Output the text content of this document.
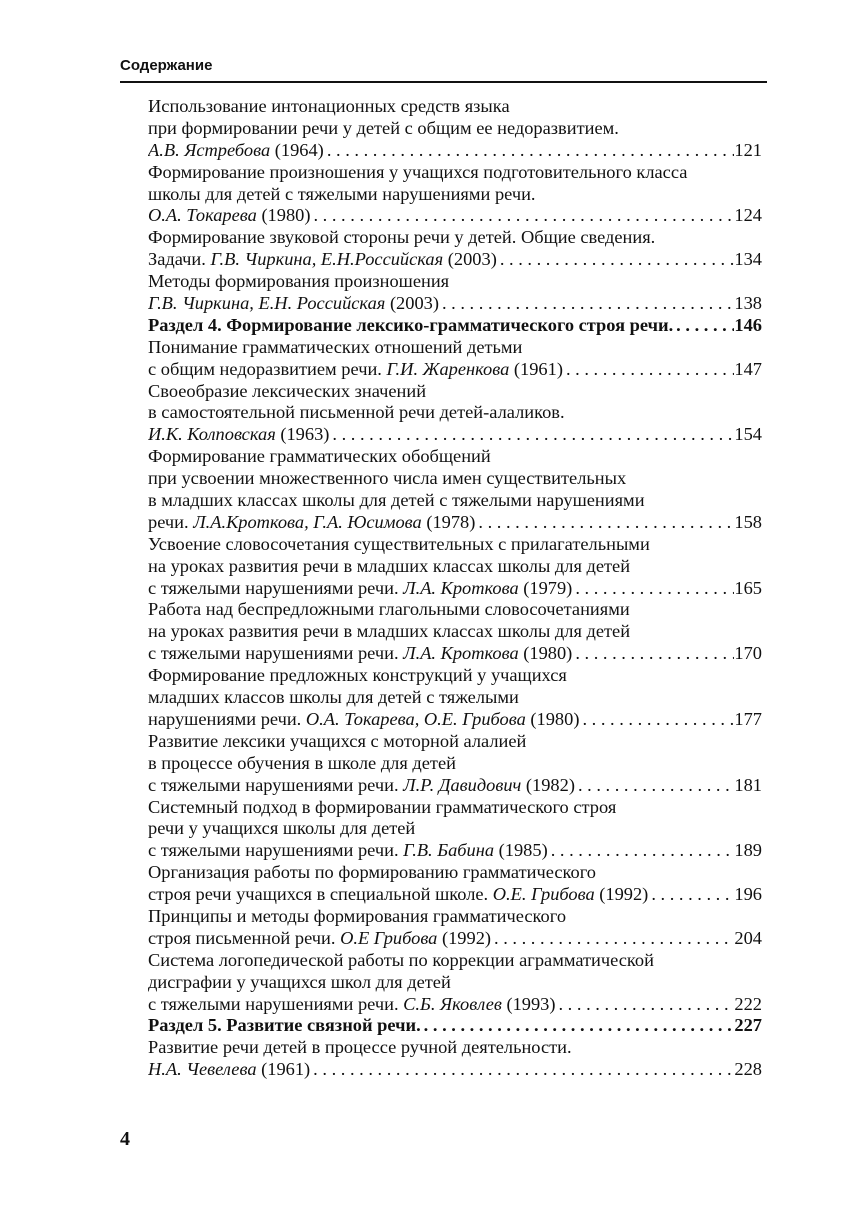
Содержание
Использование интонационных средств языка
при формировании речи у детей с общим ее недоразвитием.
А.В. Ястребова (1964) . . .	121
Формирование произношения у учащихся подготовительного класса
школы для детей с тяжелыми нарушениями речи.
О.А. Токарева (1980) . . .	124
Формирование звуковой стороны речи у детей. Общие сведения.
Задачи. Г.В. Чиркина, Е.Н.Российская (2003) . . .	134
Методы формирования произношения
Г.В. Чиркина, Е.Н. Российская (2003) . . .	138
Раздел 4. Формирование лексико-грамматического строя речи. . . .	146
Понимание грамматических отношений детьми
с общим недоразвитием речи. Г.И. Жаренкова (1961) . . .	147
Своеобразие лексических значений
в самостоятельной письменной речи детей-алаликов.
И.К. Колповская (1963) . . .	154
Формирование грамматических обобщений
при усвоении множественного числа имен существительных
в младших классах школы для детей с тяжелыми нарушениями
речи. Л.А.Кроткова, Г.А. Юсимова (1978) . . .	158
Усвоение словосочетания существительных с прилагательными
на уроках развития речи в младших классах школы для детей
с тяжелыми нарушениями речи. Л.А. Кроткова (1979) . . .	165
Работа над беспредложными глагольными словосочетаниями
на уроках развития речи в младших классах школы для детей
с тяжелыми нарушениями речи. Л.А. Кроткова (1980) . . .	170
Формирование предложных конструкций у учащихся
младших классов школы для детей с тяжелыми
нарушениями речи. О.А. Токарева, О.Е. Грибова (1980) . . .	177
Развитие лексики учащихся с моторной алалией
в процессе обучения в школе для детей
с тяжелыми нарушениями речи. Л.Р. Давидович (1982) . . .	181
Системный подход в формировании грамматического строя
речи у учащихся школы для детей
с тяжелыми нарушениями речи. Г.В. Бабина (1985) . . .	189
Организация работы по формированию грамматического
строя речи учащихся в специальной школе. О.Е. Грибова (1992) . . .	196
Принципы и методы формирования грамматического
строя письменной речи. О.Е Грибова (1992) . . .	204
Система логопедической работы по коррекции аграмматической
дисграфии у учащихся школ для детей
с тяжелыми нарушениями речи. С.Б. Яковлев (1993) . . .	222
Раздел 5. Развитие связной речи. . . .	227
Развитие речи детей в процессе ручной деятельности.
Н.А. Чевелева (1961) . . .	228
4
